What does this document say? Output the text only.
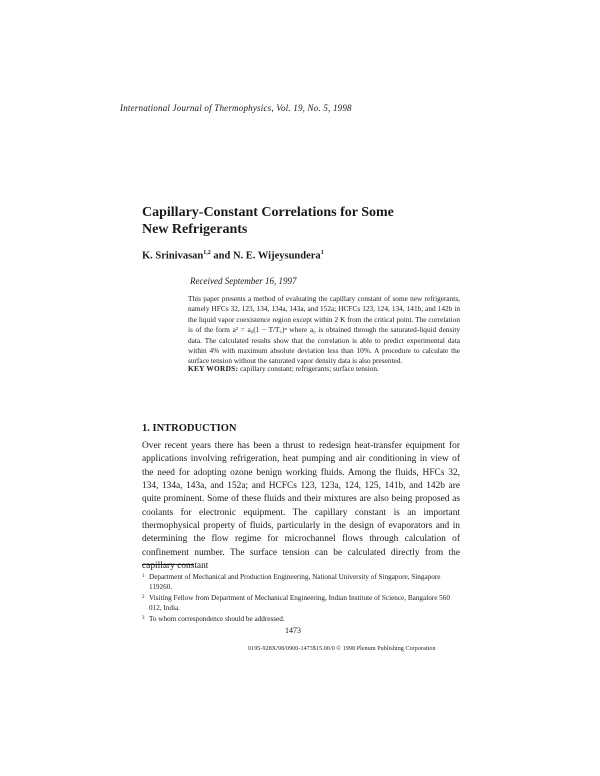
International Journal of Thermophysics, Vol. 19, No. 5, 1998
Capillary-Constant Correlations for Some
New Refrigerants
K. Srinivasan$^{1,2}$ and N. E. Wijeysundera$^1$
Received September 16, 1997
This paper presents a method of evaluating the capillary constant of some new refrigerants, namely HFCs 32, 123, 134, 134a, 143a, and 152a; HCFCs 123, 124, 134, 141b, and 142b in the liquid vapor coexistence region except within 2 K from the critical point. The correlation is of the form a² = a₀(1 − T/T꜀)ⁿ where a₀ is obtained through the saturated-liquid density data. The calculated results show that the correlation is able to predict experimental data within 4% with maximum absolute deviation less than 10%. A procedure to calculate the surface tension without the saturated vapor density data is also presented.
KEY WORDS: capillary constant; refrigerants; surface tension.
1. INTRODUCTION
Over recent years there has been a thrust to redesign heat-transfer equipment for applications involving refrigeration, heat pumping and air conditioning in view of the need for adopting ozone benign working fluids. Among the fluids, HFCs 32, 134, 134a, 143a, and 152a; and HCFCs 123, 123a, 124, 125, 141b, and 142b are quite prominent. Some of these fluids and their mixtures are also being proposed as coolants for electronic equipment. The capillary constant is an important thermophysical property of fluids, particularly in the design of evaporators and in determining the flow regime for microchannel flows through calculation of confinement number. The surface tension can be calculated directly from the capillary constant
1 Department of Mechanical and Production Engineering, National University of Singapore, Singapore 119260.
2 Visiting Fellow from Department of Mechanical Engineering, Indian Institute of Science, Bangalore 560 012, India.
3 To whom correspondence should be addressed.
1473
0195-928X/98/0900-1473$15.00/0 © 1998 Plenum Publishing Corporation
